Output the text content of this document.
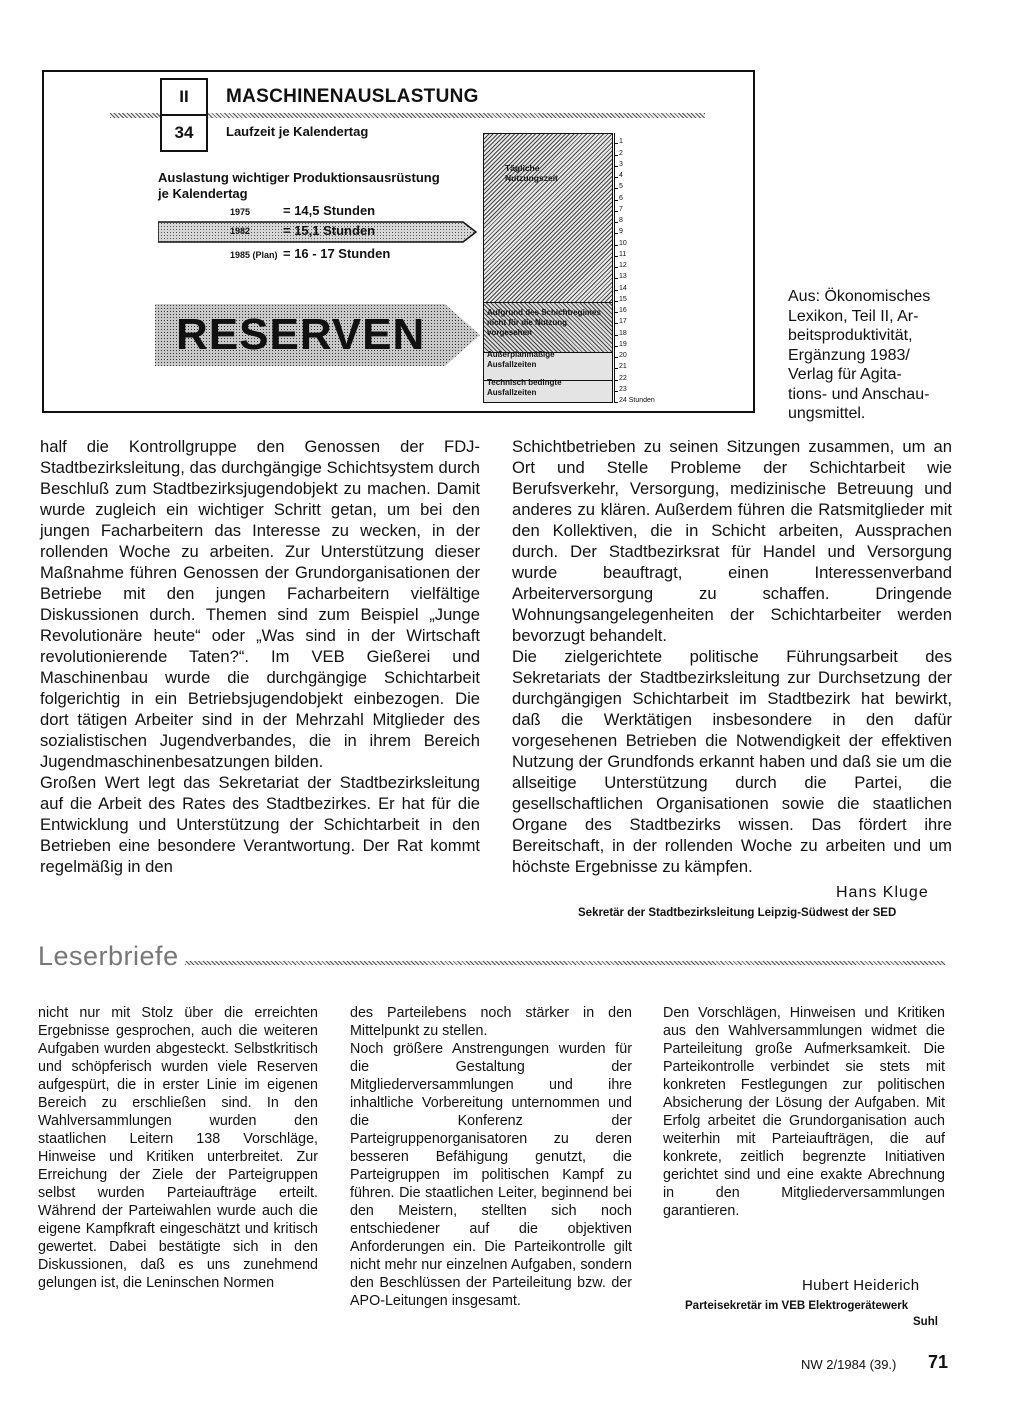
II
34
MASCHINENAUSLASTUNG
Laufzeit je Kalendertag
Auslastung wichtiger Produktionsausrüstung
je Kalendertag
1975	= 14,5 Stunden
1982	= 15,1 Stunden
1985 (Plan) = 16 - 17 Stunden
RESERVEN
Tägliche Nutzungszeit
Aufgrund des Schichtregimes nicht für die Nutzung vorgesehen
Außerplanmäßige Ausfallzeiten
Technisch bedingte Ausfallzeiten
1
2
3
4
5
6
7
8
9
10
11
12
13
14
15
16
17
18
19
20
21
22
23
24 Stunden
Aus: Ökonomisches
Lexikon, Teil II, Ar-
beitsproduktivität,
Ergänzung 1983/
Verlag für Agita-
tions- und Anschau-
ungsmittel.

half die Kontrollgruppe den Genossen der FDJ-Stadtbezirksleitung, das durchgängige Schichtsystem durch Beschluß zum Stadtbezirksjugendobjekt zu machen. Damit wurde zugleich ein wichtiger Schritt getan, um bei den jungen Facharbeitern das Interesse zu wecken, in der rollenden Woche zu arbeiten. Zur Unterstützung dieser Maßnahme führen Genossen der Grundorganisationen der Betriebe mit den jungen Facharbeitern vielfältige Diskussionen durch. Themen sind zum Beispiel „Junge Revolutionäre heute“ oder „Was sind in der Wirtschaft revolutionierende Taten?“. Im VEB Gießerei und Maschinenbau wurde die durchgängige Schichtarbeit folgerichtig in ein Betriebsjugendobjekt einbezogen. Die dort tätigen Arbeiter sind in der Mehrzahl Mitglieder des sozialistischen Jugendverbandes, die in ihrem Bereich Jugendmaschinenbesatzungen bilden.

Großen Wert legt das Sekretariat der Stadtbezirksleitung auf die Arbeit des Rates des Stadtbezirkes. Er hat für die Entwicklung und Unterstützung der Schichtarbeit in den Betrieben eine besondere Verantwortung. Der Rat kommt regelmäßig in den

Schichtbetrieben zu seinen Sitzungen zusammen, um an Ort und Stelle Probleme der Schichtarbeit wie Berufsverkehr, Versorgung, medizinische Betreuung und anderes zu klären. Außerdem führen die Ratsmitglieder mit den Kollektiven, die in Schicht arbeiten, Aussprachen durch. Der Stadtbezirksrat für Handel und Versorgung wurde beauftragt, einen Interessenverband Arbeiterversorgung zu schaffen. Dringende Wohnungsangelegenheiten der Schichtarbeiter werden bevorzugt behandelt.

Die zielgerichtete politische Führungsarbeit des Sekretariats der Stadtbezirksleitung zur Durchsetzung der durchgängigen Schichtarbeit im Stadtbezirk hat bewirkt, daß die Werktätigen insbesondere in den dafür vorgesehenen Betrieben die Notwendigkeit der effektiven Nutzung der Grundfonds erkannt haben und daß sie um die allseitige Unterstützung durch die Partei, die gesellschaftlichen Organisationen sowie die staatlichen Organe des Stadtbezirks wissen. Das fördert ihre Bereitschaft, in der rollenden Woche zu arbeiten und um höchste Ergebnisse zu kämpfen.

Hans Kluge
Sekretär der Stadtbezirksleitung Leipzig-Südwest der SED
Leserbriefe

nicht nur mit Stolz über die erreichten Ergebnisse gesprochen, auch die weiteren Aufgaben wurden abgesteckt. Selbstkritisch und schöpferisch wurden viele Reserven aufgespürt, die in erster Linie im eigenen Bereich zu erschließen sind. In den Wahlversammlungen wurden den staatlichen Leitern 138 Vorschläge, Hinweise und Kritiken unterbreitet. Zur Erreichung der Ziele der Parteigruppen selbst wurden Parteiaufträge erteilt. Während der Parteiwahlen wurde auch die eigene Kampfkraft eingeschätzt und kritisch gewertet. Dabei bestätigte sich in den Diskussionen, daß es uns zunehmend gelungen ist, die Leninschen Normen

des Parteilebens noch stärker in den Mittelpunkt zu stellen.

Noch größere Anstrengungen wurden für die Gestaltung der Mitgliederversammlungen und ihre inhaltliche Vorbereitung unternommen und die Konferenz der Parteigruppenorganisatoren zu deren besseren Befähigung genutzt, die Parteigruppen im politischen Kampf zu führen. Die staatlichen Leiter, beginnend bei den Meistern, stellten sich noch entschiedener auf die objektiven Anforderungen ein. Die Parteikontrolle gilt nicht mehr nur einzelnen Aufgaben, sondern den Beschlüssen der Parteileitung bzw. der APO-Leitungen insgesamt.

Den Vorschlägen, Hinweisen und Kritiken aus den Wahlversammlungen widmet die Parteileitung große Aufmerksamkeit. Die Parteikontrolle verbindet sie stets mit konkreten Festlegungen zur politischen Absicherung der Lösung der Aufgaben. Mit Erfolg arbeitet die Grundorganisation auch weiterhin mit Parteiaufträgen, die auf konkrete, zeitlich begrenzte Initiativen gerichtet sind und eine exakte Abrechnung in den Mitgliederversammlungen garantieren.

Hubert Heiderich
Parteisekretär im VEB Elektrogerätewerk
Suhl
NW 2/1984 (39.) 71
